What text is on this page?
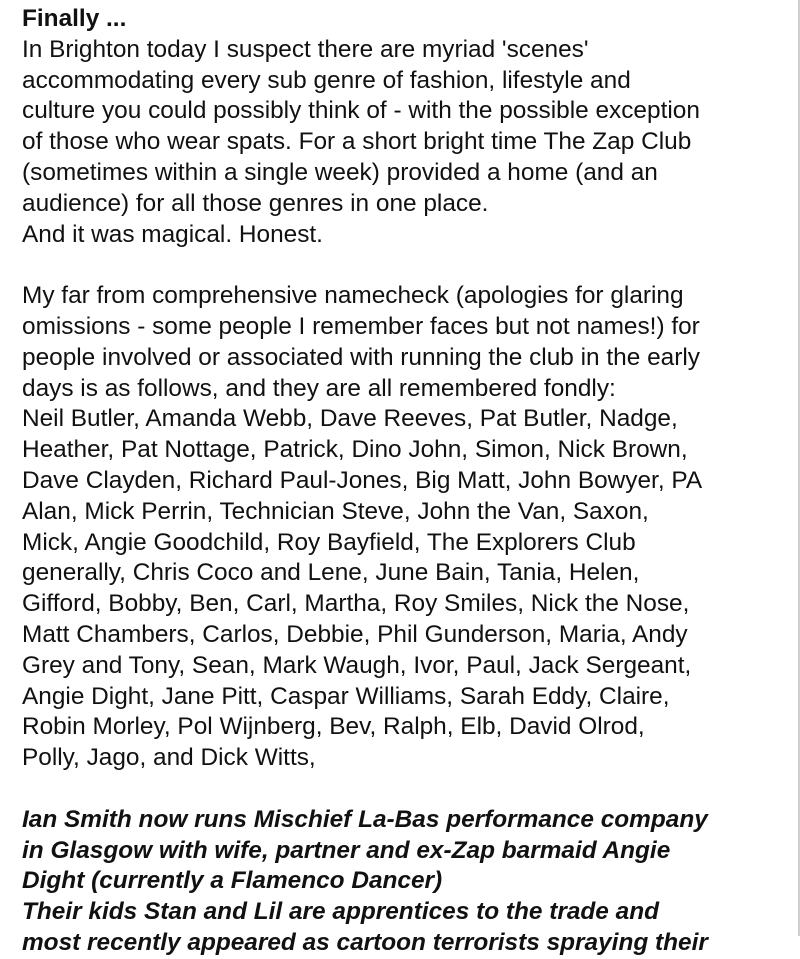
Finally ...
In Brighton today I suspect there are myriad 'scenes'
accommodating every sub genre of fashion, lifestyle and
culture you could possibly think of - with the possible exception
of those who wear spats. For a short bright time The Zap Club
(sometimes within a single week) provided a home (and an
audience) for all those genres in one place.
And it was magical. Honest.
My far from comprehensive namecheck (apologies for glaring
omissions - some people I remember faces but not names!) for
people involved or associated with running the club in the early
days is as follows, and they are all remembered fondly:
Neil Butler, Amanda Webb, Dave Reeves, Pat Butler, Nadge,
Heather, Pat Nottage, Patrick, Dino John, Simon, Nick Brown,
Dave Clayden, Richard Paul-Jones, Big Matt, John Bowyer, PA
Alan, Mick Perrin, Technician Steve, John the Van, Saxon,
Mick, Angie Goodchild, Roy Bayfield, The Explorers Club
generally, Chris Coco and Lene, June Bain, Tania, Helen,
Gifford, Bobby, Ben, Carl, Martha, Roy Smiles, Nick the Nose,
Matt Chambers, Carlos, Debbie, Phil Gunderson, Maria, Andy
Grey and Tony, Sean, Mark Waugh, Ivor, Paul, Jack Sergeant,
Angie Dight, Jane Pitt, Caspar Williams, Sarah Eddy, Claire,
Robin Morley, Pol Wijnberg, Bev, Ralph, Elb, David Olrod,
Polly, Jago, and Dick Witts,
Ian Smith now runs Mischief La-Bas performance company
in Glasgow with wife, partner and ex-Zap barmaid Angie
Dight (currently a Flamenco Dancer)
Their kids Stan and Lil are apprentices to the trade and
most recently appeared as cartoon terrorists spraying their
